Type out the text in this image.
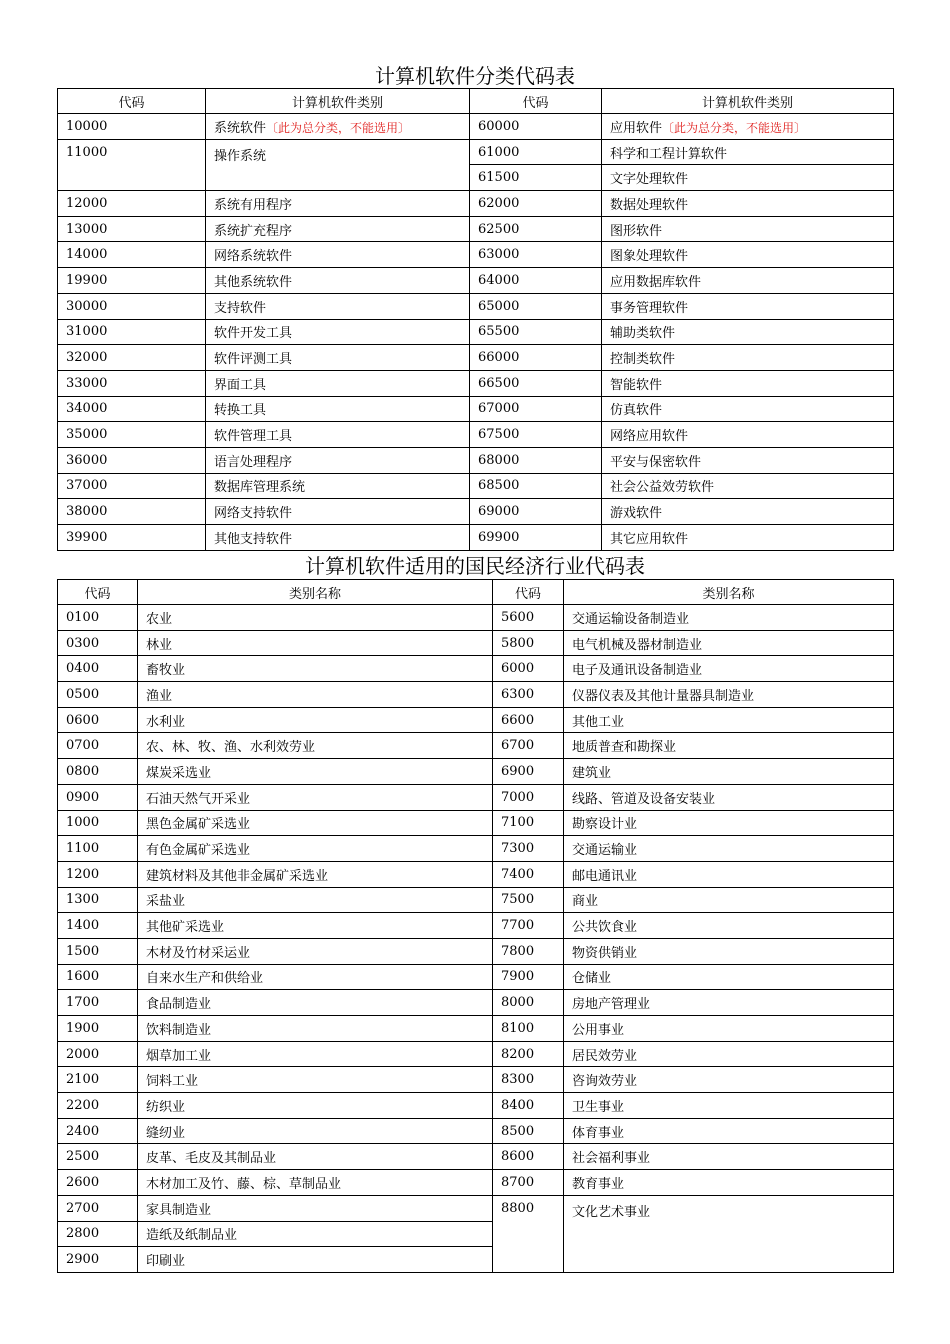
计算机软件分类代码表
代码	计算机软件类别	代码	计算机软件类别
10000	系统软件〔此为总分类，不能选用〕	60000	应用软件〔此为总分类，不能选用〕
11000	操作系统	61000	科学和工程计算软件
		61500	文字处理软件
12000	系统有用程序	62000	数据处理软件
13000	系统扩充程序	62500	图形软件
14000	网络系统软件	63000	图象处理软件
19900	其他系统软件	64000	应用数据库软件
30000	支持软件	65000	事务管理软件
31000	软件开发工具	65500	辅助类软件
32000	软件评测工具	66000	控制类软件
33000	界面工具	66500	智能软件
34000	转换工具	67000	仿真软件
35000	软件管理工具	67500	网络应用软件
36000	语言处理程序	68000	平安与保密软件
37000	数据库管理系统	68500	社会公益效劳软件
38000	网络支持软件	69000	游戏软件
39900	其他支持软件	69900	其它应用软件
计算机软件适用的国民经济行业代码表
代码	类别名称	代码	类别名称
0100	农业	5600	交通运输设备制造业
0300	林业	5800	电气机械及器材制造业
0400	畜牧业	6000	电子及通讯设备制造业
0500	渔业	6300	仪器仪表及其他计量器具制造业
0600	水利业	6600	其他工业
0700	农、林、牧、渔、水利效劳业	6700	地质普查和勘探业
0800	煤炭采选业	6900	建筑业
0900	石油天然气开采业	7000	线路、管道及设备安装业
1000	黑色金属矿采选业	7100	勘察设计业
1100	有色金属矿采选业	7300	交通运输业
1200	建筑材料及其他非金属矿采选业	7400	邮电通讯业
1300	采盐业	7500	商业
1400	其他矿采选业	7700	公共饮食业
1500	木材及竹材采运业	7800	物资供销业
1600	自来水生产和供给业	7900	仓储业
1700	食品制造业	8000	房地产管理业
1900	饮料制造业	8100	公用事业
2000	烟草加工业	8200	居民效劳业
2100	饲料工业	8300	咨询效劳业
2200	纺织业	8400	卫生事业
2400	缝纫业	8500	体育事业
2500	皮革、毛皮及其制品业	8600	社会福利事业
2600	木材加工及竹、藤、棕、草制品业	8700	教育事业
2700	家具制造业	8800	文化艺术事业
2800	造纸及纸制品业		
2900	印刷业		
